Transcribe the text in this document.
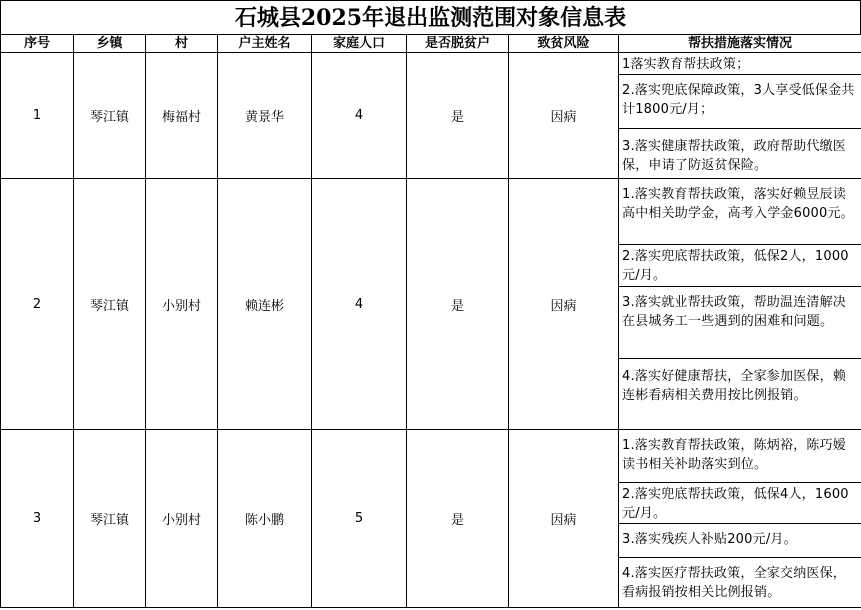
石城县2025年退出监测范围对象信息表
序号	乡镇	村	户主姓名	家庭人口	是否脱贫户	致贫风险	帮扶措施落实情况
1	琴江镇	梅福村	黄景华	4	是	因病	1落实教育帮扶政策；
							2.落实兜底保障政策，3人享受低保金共计1800元/月；
							3.落实健康帮扶政策，政府帮助代缴医保，申请了防返贫保险。
2	琴江镇	小别村	赖连彬	4	是	因病	1.落实教育帮扶政策，落实好赖昱辰读高中相关助学金，高考入学金6000元。
							2.落实兜底帮扶政策，低保2人，1000元/月。
							3.落实就业帮扶政策，帮助温连清解决在县城务工一些遇到的困难和问题。
							4.落实好健康帮扶，全家参加医保，赖连彬看病相关费用按比例报销。
3	琴江镇	小别村	陈小鹏	5	是	因病	1.落实教育帮扶政策，陈炳裕，陈巧嫒读书相关补助落实到位。
							2.落实兜底帮扶政策，低保4人，1600元/月。
							3.落实残疾人补贴200元/月。
							4.落实医疗帮扶政策，全家交纳医保，看病报销按相关比例报销。
